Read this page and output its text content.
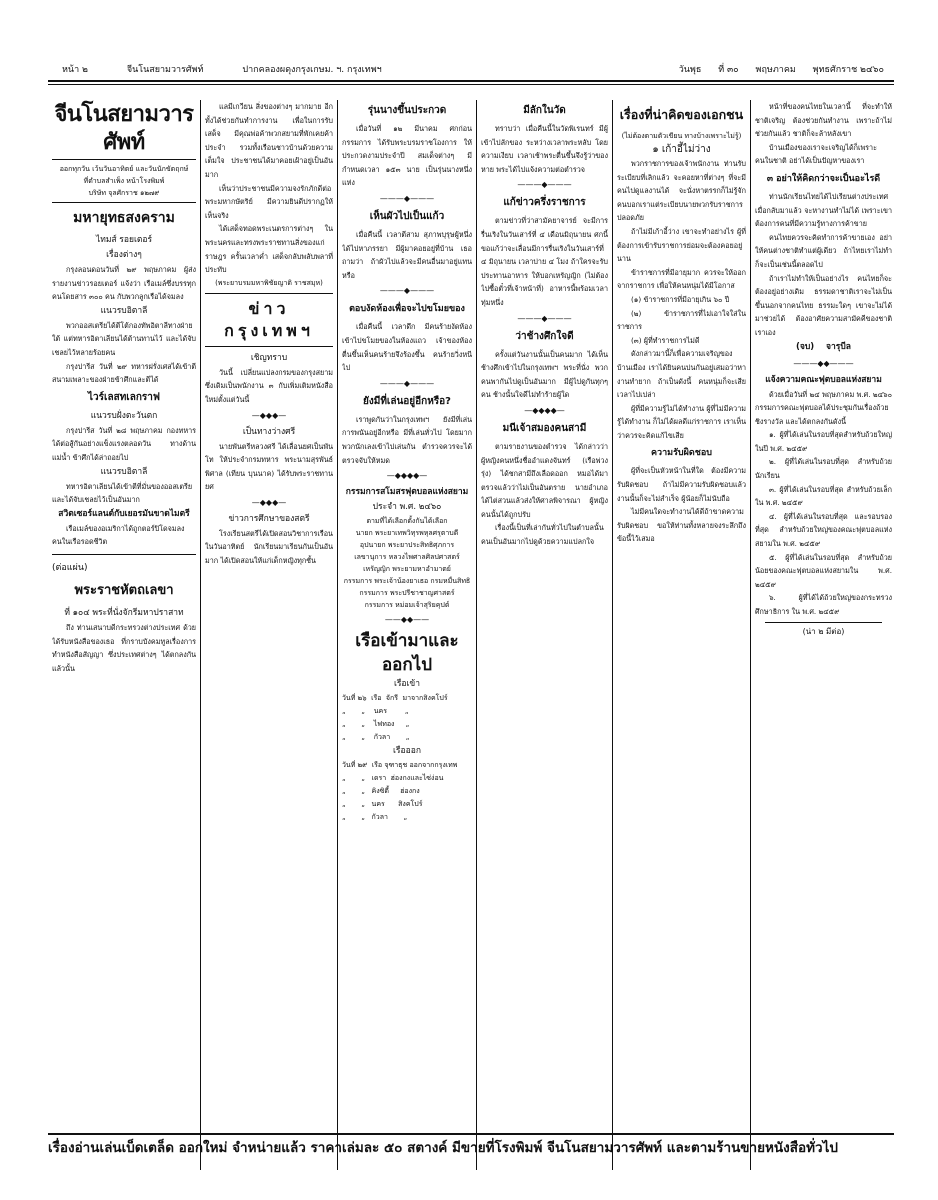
หน้า ๒	จีนโนสยามวารศัพท์	ปากคลองผดุงกรุงเกษม. ฯ. กรุงเทพฯ	วันพุธ ที่ ๓๐ พฤษภาคม พุทธศักราช ๒๔๖๐
จีนโนสยามวารศัพท์
ออกทุกวัน เว้นวันอาทิตย์ และวันนักขัตฤกษ์
ที่ตำบลสำเพ็ง หน้าโรงพิมพ์
บริษัท จุลศักราช ๑๒๗๙
มหายุทธสงคราม
ไทมส์ รอยเตอร์
เรื่องต่างๆ

กรุงลอนดอนวันที่ ๒๙ พฤษภาคม ผู้ส่งรายงานข่าวรอยเตอร์ แจ้งว่า เรือเมล์ซึ่งบรรทุกคนโดยสาร ๓๐๐ คน กับพวกลูกเรือได้จมลง

แนวรบอิตาลี

พวกออสเตรียได้ตีโต้กองทัพอิตาลีทางฝ่ายใต้ แต่ทหารอิตาเลียนได้ต้านทานไว้ และได้จับเชลยไว้หลายร้อยคน

กรุงปารีส วันที่ ๒๙ ทหารฝรั่งเศสได้เข้าตีสนามเพลาะของฝ่ายข้าศึกและตีได้

ไวร์เลสทเลกราฟ
แนวรบฝั่งตะวันตก

กรุงปารีส วันที่ ๒๘ พฤษภาคม กองทหารได้ต่อสู้กันอย่างแข็งแรงตลอดวัน ทางด้านแม่น้ำ ข้าศึกได้ล่าถอยไป

แนวรบอิตาลี

ทหารอิตาเลียนได้เข้าตีที่มั่นของออสเตรียและได้จับเชลยไว้เป็นอันมาก

สวิตเซอร์แลนด์กับเยอรมันขาดไมตรี

เรือเมล์ของอเมริกาได้ถูกตอร์ปิโดจมลง คนในเรือรอดชีวิต

(ต่อแผ่น)
พระราชหัตถเลขา
ที่ ๑๐๔ พระที่นั่งจักรีมหาปราสาท

ถึง ท่านเสนาบดีกระทรวงต่างประเทศ ด้วยได้รับหนังสือของเธอ ที่กราบบังคมทูลเรื่องการทำหนังสือสัญญา ซึ่งประเทศต่างๆ ได้ตกลงกันแล้วนั้น

แลมีเกวียน สิ่งของต่างๆ มากมาย อีกทั้งได้ช่วยกันทำการงาน เพื่อในการรับเสด็จ มีคุณพ่อค้าพวกสยามที่พักเคยค้าประจำ รวมทั้งเรือนชาวบ้านด้วยความเต็มใจ ประชาชนได้มาคอยเฝ้าอยู่เป็นอันมาก

เห็นว่าประชาชนมีความจงรักภักดีต่อพระมหากษัตริย์ มีความยินดีปรากฏให้เห็นจริง

ได้เสด็จทอดพระเนตรการต่างๆ ในพระนครและทรงพระราชทานสิ่งของแก่ราษฎร ครั้นเวลาค่ำ เสด็จกลับพลับพลาที่ประทับ

(พระยาบรมมหาพิชัยญาติ ราชสมุห)
ข่าว กรุงเทพฯ
เชิญทราบ

วันนี้ เปลี่ยนแปลงกรมของกรุงสยาม ซึ่งเดิมเป็นพนักงาน ๓ กับเพิ่มเติมหนังสือใหม่ตั้งแต่วันนี้

—◆◆◆—
เป็นทางว่างศรี

นายพันตรีหลวงศรี ได้เลื่อนยศเป็นพันโท ให้ประจำกรมทหาร พระนามสุรพันธ์พิศาล (เทียน บุนนาค) ได้รับพระราชทานยศ

—◆◆◆—
ข่าวการศึกษาของสตรี

โรงเรียนสตรีได้เปิดสอนวิชาการเรือน ในวันอาทิตย์ นักเรียนมาเรียนกันเป็นอันมาก ได้เปิดสอนให้แก่เด็กหญิงทุกชั้น

รุ่นนางขึ้นประกวด

เมื่อวันที่ ๑๒ มีนาคม ศกก่อน กรรมการ ได้รับพระบรมราชโองการ ให้ประกวดงามประจำปี สมเด็จต่างๆ มีกำหนดเวลา ๑๕๓ นาย เป็นรุ่นนางหนึ่งแห่ง

———◆———
เห็นผัวไปเป็นแก้ว

เมื่อคืนนี้ เวลาตีสาม สุภาพบุรุษผู้หนึ่งได้ไปหาภรรยา มีผู้มาคอยอยู่ที่บ้าน เธอถามว่า ถ้าผัวไปแล้วจะมีคนอื่นมาอยู่แทนหรือ

———◆———
ตอบงัดห้องเพื่อจะไปขโมยของ

เมื่อคืนนี้ เวลาดึก มีคนร้ายงัดห้องเข้าไปขโมยของในห้องแถว เจ้าของห้องตื่นขึ้นเห็นคนร้ายจึงร้องขึ้น คนร้ายวิ่งหนีไป

———◆———
ยังมีที่เล่นอยู่อีกหรือ?

เราพูดกันว่าในกรุงเทพฯ ยังมีที่เล่นการพนันอยู่อีกหรือ มีที่เล่นทั่วไป โดยมากพวกนักเลงเข้าไปเล่นกัน ตำรวจควรจะได้ตรวจจับให้หมด

—◆◆◆◆—
กรรมการสโมสรฟุตบอลแห่งสยาม
ประจำ พ.ศ. ๒๔๖๐
ตามที่ได้เลือกตั้งกันได้เลือก
นายก พระยาเทพวิทุรพหุลศรุตาบดี
อุปนายก พระยาประสิทธิศุภการ
เลขานุการ หลวงไพศาลศิลปศาสตร์
เหรัญญิก พระยามหาอำมาตย์
กรรมการ พระเจ้าน้องยาเธอ กรมหมื่นสิทธิ
กรรมการ พระปรีชาชาญศาสตร์
กรรมการ หม่อมเจ้าสุริยคุปต์
——◆◆——
เรือเข้ามาและออกไป
เรือเข้า
วันที่ ๒๖ เรือ จักรี มาจากสิงคโปร์
„ „ นคร	„
„ „ ไฟทอง „
„ „ กัวลา „
เรือออก
วันที่ ๒๙ เรือ จุฑาธุช ออกจากกรุงเทพ
„ „ เดรา ฮ่องกงและไซ่ง่อน
„ „ คิงซิตี้ ฮ่องกง
„ „ นคร สิงคโปร์
„ „ กัวลา „
มีลักในวัด

ทราบว่า เมื่อคืนนี้ในวัดพิเรนทร์ มีผู้เข้าไปลักของ ระหว่างเวลาพระหลับ โดยความเงียบ เวลาเช้าพระตื่นขึ้นจึงรู้ว่าของหาย พระได้ไปแจ้งความต่อตำรวจ

———◆———
แก้ข่าวครึ่งราชการ

ตามข่าวที่ว่าสามัคยาจารย์ จะมีการรื่นเริงในวันเสาร์ที่ ๔ เดือนมิถุนายน ศกนี้ ขอแก้ว่าจะเลื่อนมีการรื่นเริงในวันเสาร์ที่ ๔ มิถุนายน เวลาบ่าย ๔ โมง ถ้าใครจะรับประทานอาหาร ให้บอกเหรัญญิก (ไม่ต้องไปซื้อตั๋วที่เจ้าหน้าที่) อาหารนี้พร้อมเวลาทุ่มหนึ่ง

———◆———
ว่าช้างศึกใจดี

ครั้งแต่วันงานนั้นเป็นคนมาก ได้เห็นช้างศึกเข้าไปในกรุงเทพฯ พระที่นั่ง พวกคนพากันไปดูเป็นอันมาก มีผู้ไปดูกันทุกๆ คน ช้างนั้นใจดีไม่ทำร้ายผู้ใด

—◆◆◆◆—
มนีเจ้าสมองคนสามี

ตามรายงานของตำรวจ ได้กล่าวว่า ผู้หญิงคนหนึ่งชื่ออำแดงจันทร์ (เรือพ่วงรุ่ง) ได้ชกสามีถึงเลือดออก หมอได้มาตรวจแล้วว่าไม่เป็นอันตราย นายอำเภอได้ไต่สวนแล้วส่งให้ศาลพิจารณา ผู้หญิงคนนั้นได้ถูกปรับ

เรื่องนี้เป็นที่เล่ากันทั่วไปในตำบลนั้น คนเป็นอันมากไปดูด้วยความแปลกใจ

เรื่องที่น่าคิดของเอกชน
(ไม่ต้องตามตัวเขียน ทางบ้างเพราะไม่รู้)
๑ เก้าอี้ไม่ว่าง

พวกราชการของเจ้าพนักงาน ท่านรับระเบียบที่เลิกแล้ว จะคอยหาที่ต่างๆ ที่จะมีคนไปดูแลงานได้ จะนั่งหาตรรกก็ไม่รู้จักคนบอกเราแต่ระเบียบนายพวกรับราชการปลอดภัย

ถ้าไม่มีเก้าอี้ว่าง เขาจะทำอย่างไร ผู้ที่ต้องการเข้ารับราชการย่อมจะต้องคอยอยู่นาน

ข้าราชการที่มีอายุมาก ควรจะให้ออกจากราชการ เพื่อให้คนหนุ่มได้มีโอกาส

(๑) ข้าราชการที่มีอายุเกิน ๖๐ ปี

(๒) ข้าราชการที่ไม่เอาใจใส่ในราชการ

(๓) ผู้ที่ทำราชการไม่ดี

ดังกล่าวมานี้ก็เพื่อความเจริญของบ้านเมือง เราได้ยินคนบ่นกันอยู่เสมอว่าหางานทำยาก ถ้าเป็นดังนี้ คนหนุ่มก็จะเสียเวลาไปเปล่า

ผู้ที่มีความรู้ไม่ได้ทำงาน ผู้ที่ไม่มีความรู้ได้ทำงาน ก็ไม่ได้ผลดีแก่ราชการ เราเห็นว่าควรจะคิดแก้ไขเสีย

ความรับผิดชอบ

ผู้ที่จะเป็นหัวหน้าในที่ใด ต้องมีความรับผิดชอบ ถ้าไม่มีความรับผิดชอบแล้ว งานนั้นก็จะไม่สำเร็จ ผู้น้อยก็ไม่นับถือ

ไม่มีคนใดจะทำงานได้ดีถ้าขาดความรับผิดชอบ ขอให้ท่านทั้งหลายจงระลึกถึงข้อนี้ไว้เสมอ

หน้าที่ของคนไทยในเวลานี้ ที่จะทำให้ชาติเจริญ ต้องช่วยกันทำงาน เพราะถ้าไม่ช่วยกันแล้ว ชาติก็จะล้าหลังเขา

บ้านเมืองของเราจะเจริญได้ก็เพราะคนในชาติ อย่าได้เป็นปัญหาของเรา

๓ อย่าให้คิดกว่าจะเป็นอะไรดี

ท่านนักเรียนไทยได้ไปเรียนต่างประเทศ เมื่อกลับมาแล้ว จะหางานทำไม่ได้ เพราะเขาต้องการคนที่มีความรู้ทางการค้าขาย

คนไทยควรจะคิดทำการค้าขายเอง อย่าให้คนต่างชาติทำแต่ผู้เดียว ถ้าไทยเราไม่ทำ ก็จะเป็นเช่นนี้ตลอดไป

ถ้าเราไม่ทำให้เป็นอย่างไร คนไทยก็จะต้องอยู่อย่างเดิม ธรรมดาชาติเราจะไม่เป็นขึ้นนอกจากคนไทย ธรรมะใดๆ เขาจะไม่ได้มาช่วยได้ ต้องอาศัยความสามัคคีของชาติเราเอง

(จบ) จารุบีล
———◆◆———
แจ้งความคณะฟุตบอลแห่งสยาม

ด้วยเมื่อวันที่ ๒๔ พฤษภาคม พ.ศ. ๒๔๖๐ กรรมการคณะฟุตบอลได้ประชุมกันเรื่องถ้วยชิงรางวัล และได้ตกลงกันดังนี้

๑. ผู้ที่ได้เล่นในรอบที่สุดสำหรับถ้วยใหญ่ ในปี พ.ศ. ๒๔๕๙

๒. ผู้ที่ได้เล่นในรอบที่สุด สำหรับถ้วยนักเรียน

๓. ผู้ที่ได้เล่นในรอบที่สุด สำหรับถ้วยเล็ก ใน พ.ศ. ๒๔๕๙

๔. ผู้ที่ได้เล่นในรอบที่สุด และรอบรองที่สุด สำหรับถ้วยใหญ่ของคณะฟุตบอลแห่งสยามใน พ.ศ. ๒๔๕๙

๕. ผู้ที่ได้เล่นในรอบที่สุด สำหรับถ้วยน้อยของคณะฟุตบอลแห่งสยามใน พ.ศ. ๒๔๕๙

๖. ผู้ที่ได้ได้ถ้วยใหญ่ของกระทรวงศึกษาธิการ ใน พ.ศ. ๒๔๕๙

(น่า ๒ มีต่อ)
เรื่องอ่านเล่นเบ็ดเตล็ด ออกใหม่ จำหน่ายแล้ว ราคาเล่มละ ๕๐ สตางค์ มีขายที่โรงพิมพ์ จีนโนสยามวารศัพท์ และตามร้านขายหนังสือทั่วไป
